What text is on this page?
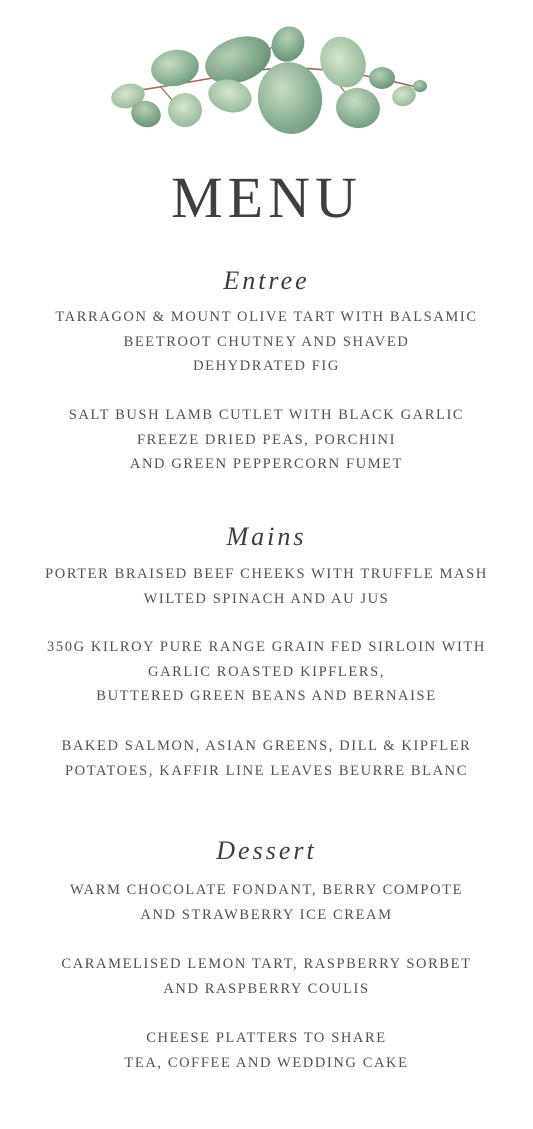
MENU
Entree
TARRAGON & MOUNT OLIVE TART WITH BALSAMIC
BEETROOT CHUTNEY AND SHAVED
DEHYDRATED FIG
SALT BUSH LAMB CUTLET WITH BLACK GARLIC
FREEZE DRIED PEAS, PORCHINI
AND GREEN PEPPERCORN FUMET
Mains
PORTER BRAISED BEEF CHEEKS WITH TRUFFLE MASH
WILTED SPINACH AND AU JUS
350G KILROY PURE RANGE GRAIN FED SIRLOIN WITH
GARLIC ROASTED KIPFLERS,
BUTTERED GREEN BEANS AND BERNAISE
BAKED SALMON, ASIAN GREENS, DILL & KIPFLER
POTATOES, KAFFIR LINE LEAVES BEURRE BLANC
Dessert
WARM CHOCOLATE FONDANT, BERRY COMPOTE
AND STRAWBERRY ICE CREAM
CARAMELISED LEMON TART, RASPBERRY SORBET
AND RASPBERRY COULIS
CHEESE PLATTERS TO SHARE
TEA, COFFEE AND WEDDING CAKE
